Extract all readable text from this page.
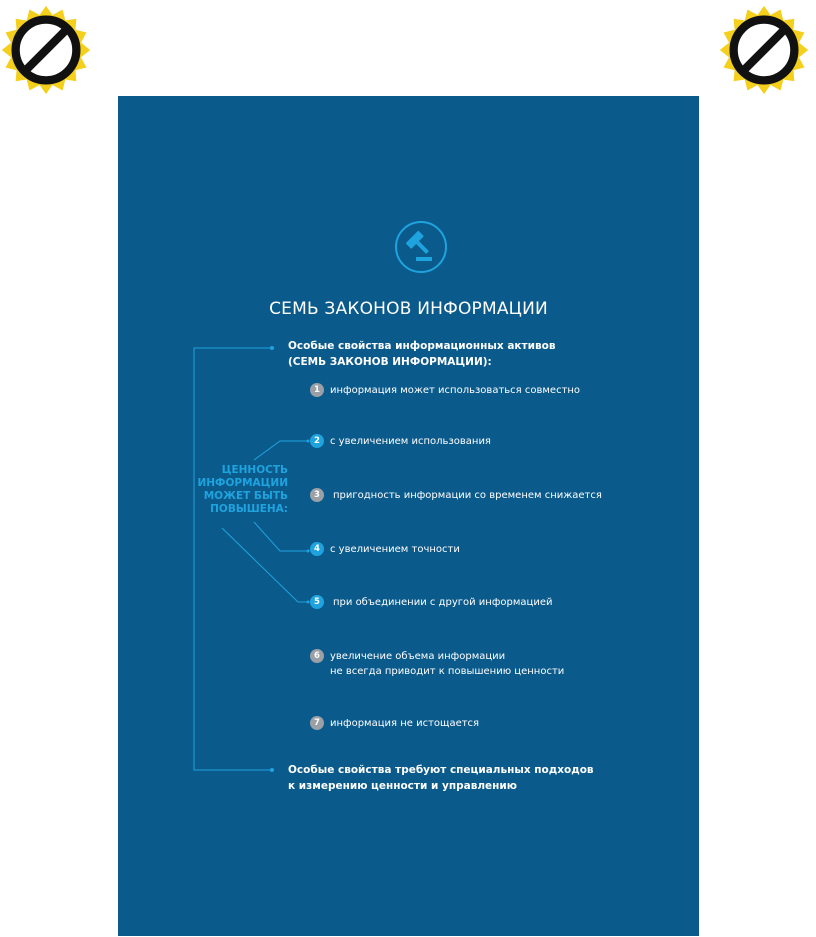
СЕМЬ ЗАКОНОВ ИНФОРМАЦИИ
Особые свойства информационных активов
(СЕМЬ ЗАКОНОВ ИНФОРМАЦИИ):
ЦЕННОСТЬ
ИНФОРМАЦИИ
МОЖЕТ БЫТЬ
ПОВЫШЕНА:
1	информация может использоваться совместно
2	с увеличением использования
3	пригодность информации со временем снижается
4	с увеличением точности
5	при объединении с другой информацией
6	увеличение объема информации
не всегда приводит к повышению ценности
7	информация не истощается
Особые свойства требуют специальных подходов
к измерению ценности и управлению
